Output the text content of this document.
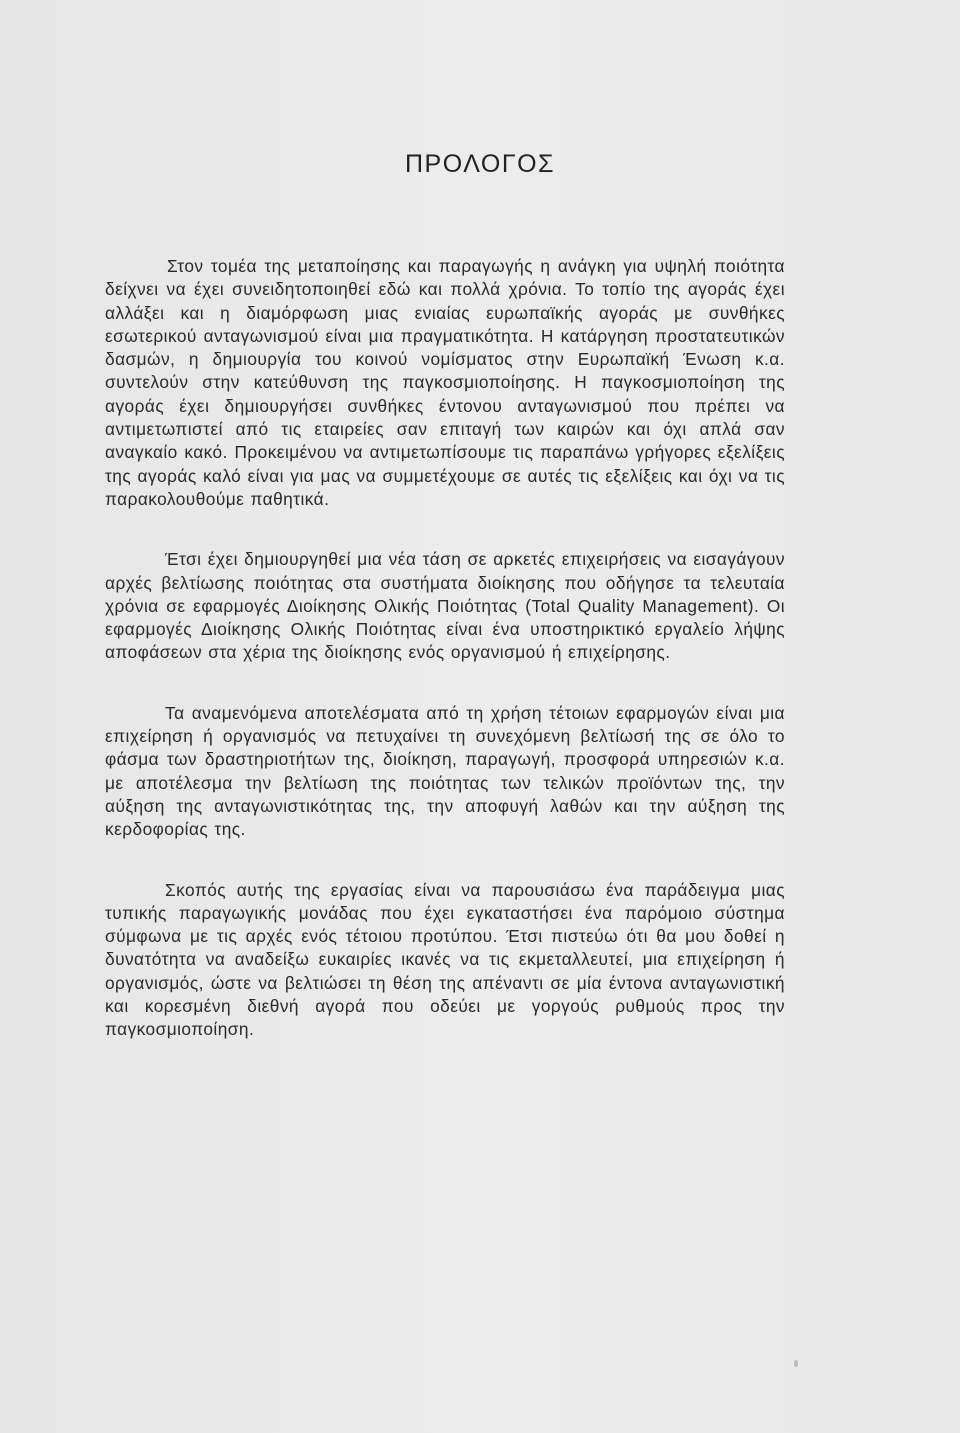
ΠΡΟΛΟΓΟΣ

Στον τομέα της μεταποίησης και παραγωγής η ανάγκη για υψηλή ποιότητα δείχνει να έχει συνειδητοποιηθεί εδώ και πολλά χρόνια. Το τοπίο της αγοράς έχει αλλάξει και η διαμόρφωση μιας ενιαίας ευρωπαϊκής αγοράς με συνθήκες εσωτερικού ανταγωνισμού είναι μια πραγματικότητα. Η κατάργηση προστατευτικών δασμών, η δημιουργία του κοινού νομίσματος στην Ευρωπαϊκή Ένωση κ.α. συντελούν στην κατεύθυνση της παγκοσμιοποίησης. Η παγκοσμιοποίηση της αγοράς έχει δημιουργήσει συνθήκες έντονου ανταγωνισμού που πρέπει να αντιμετωπιστεί από τις εταιρείες σαν επιταγή των καιρών και όχι απλά σαν αναγκαίο κακό. Προκειμένου να αντιμετωπίσουμε τις παραπάνω γρήγορες εξελίξεις της αγοράς καλό είναι για μας να συμμετέχουμε σε αυτές τις εξελίξεις και όχι να τις παρακολουθούμε παθητικά.

Έτσι έχει δημιουργηθεί μια νέα τάση σε αρκετές επιχειρήσεις να εισαγάγουν αρχές βελτίωσης ποιότητας στα συστήματα διοίκησης που οδήγησε τα τελευταία χρόνια σε εφαρμογές Διοίκησης Ολικής Ποιότητας (Total Quality Management). Οι εφαρμογές Διοίκησης Ολικής Ποιότητας είναι ένα υποστηρικτικό εργαλείο λήψης αποφάσεων στα χέρια της διοίκησης ενός οργανισμού ή επιχείρησης.

Τα αναμενόμενα αποτελέσματα από τη χρήση τέτοιων εφαρμογών είναι μια επιχείρηση ή οργανισμός να πετυχαίνει τη συνεχόμενη βελτίωσή της σε όλο το φάσμα των δραστηριοτήτων της, διοίκηση, παραγωγή, προσφορά υπηρεσιών κ.α. με αποτέλεσμα την βελτίωση της ποιότητας των τελικών προϊόντων της, την αύξηση της ανταγωνιστικότητας της, την αποφυγή λαθών και την αύξηση της κερδοφορίας της.

Σκοπός αυτής της εργασίας είναι να παρουσιάσω ένα παράδειγμα μιας τυπικής παραγωγικής μονάδας που έχει εγκαταστήσει ένα παρόμοιο σύστημα σύμφωνα με τις αρχές ενός τέτοιου προτύπου. Έτσι πιστεύω ότι θα μου δοθεί η δυνατότητα να αναδείξω ευκαιρίες ικανές να τις εκμεταλλευτεί, μια επιχείρηση ή οργανισμός, ώστε να βελτιώσει τη θέση της απέναντι σε μία έντονα ανταγωνιστική και κορεσμένη διεθνή αγορά που οδεύει με γοργούς ρυθμούς προς την παγκοσμιοποίηση.
